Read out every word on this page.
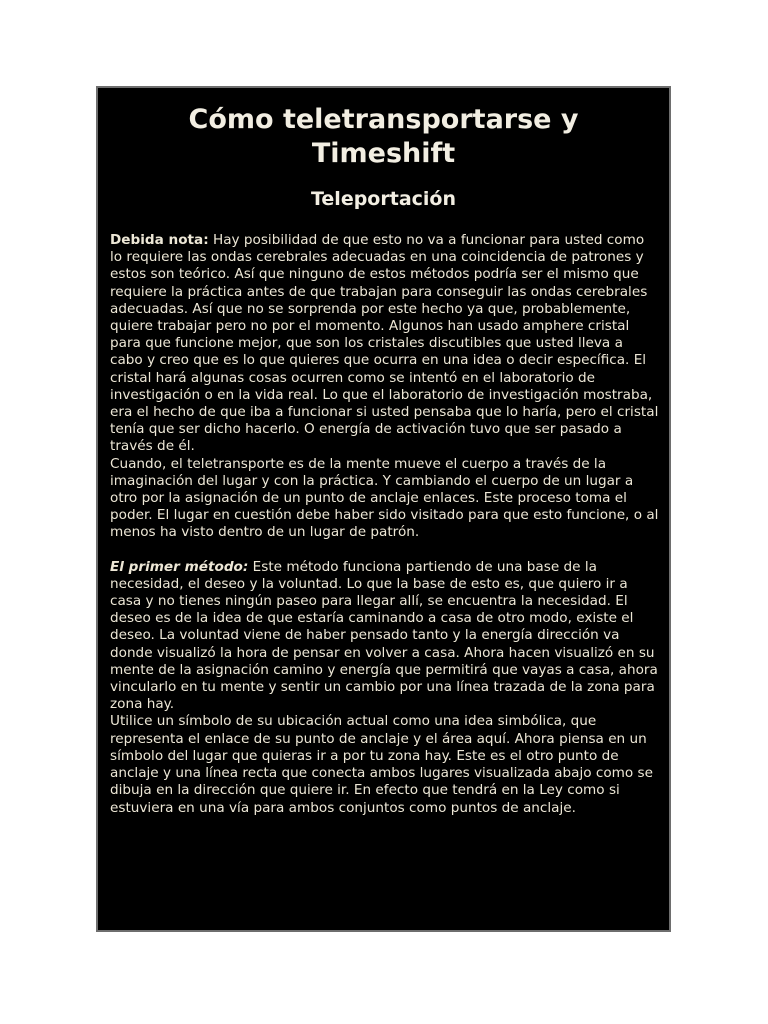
Cómo teletransportarse y Timeshift
Teleportación

Debida nota: Hay posibilidad de que esto no va a funcionar para usted como lo requiere las ondas cerebrales adecuadas en una coincidencia de patrones y estos son teórico. Así que ninguno de estos métodos podría ser el mismo que requiere la práctica antes de que trabajan para conseguir las ondas cerebrales adecuadas. Así que no se sorprenda por este hecho ya que, probablemente, quiere trabajar pero no por el momento. Algunos han usado amphere cristal para que funcione mejor, que son los cristales discutibles que usted lleva a cabo y creo que es lo que quieres que ocurra en una idea o decir específica. El cristal hará algunas cosas ocurren como se intentó en el laboratorio de investigación o en la vida real. Lo que el laboratorio de investigación mostraba, era el hecho de que iba a funcionar si usted pensaba que lo haría, pero el cristal tenía que ser dicho hacerlo. O energía de activación tuvo que ser pasado a través de él.

Cuando, el teletransporte es de la mente mueve el cuerpo a través de la imaginación del lugar y con la práctica. Y cambiando el cuerpo de un lugar a otro por la asignación de un punto de anclaje enlaces. Este proceso toma el poder. El lugar en cuestión debe haber sido visitado para que esto funcione, o al menos ha visto dentro de un lugar de patrón.

El primer método: Este método funciona partiendo de una base de la necesidad, el deseo y la voluntad. Lo que la base de esto es, que quiero ir a casa y no tienes ningún paseo para llegar allí, se encuentra la necesidad. El deseo es de la idea de que estaría caminando a casa de otro modo, existe el deseo. La voluntad viene de haber pensado tanto y la energía dirección va donde visualizó la hora de pensar en volver a casa. Ahora hacen visualizó en su mente de la asignación camino y energía que permitirá que vayas a casa, ahora vincularlo en tu mente y sentir un cambio por una línea trazada de la zona para zona hay.

Utilice un símbolo de su ubicación actual como una idea simbólica, que representa el enlace de su punto de anclaje y el área aquí. Ahora piensa en un símbolo del lugar que quieras ir a por tu zona hay. Este es el otro punto de anclaje y una línea recta que conecta ambos lugares visualizada abajo como se dibuja en la dirección que quiere ir. En efecto que tendrá en la Ley como si estuviera en una vía para ambos conjuntos como puntos de anclaje.
